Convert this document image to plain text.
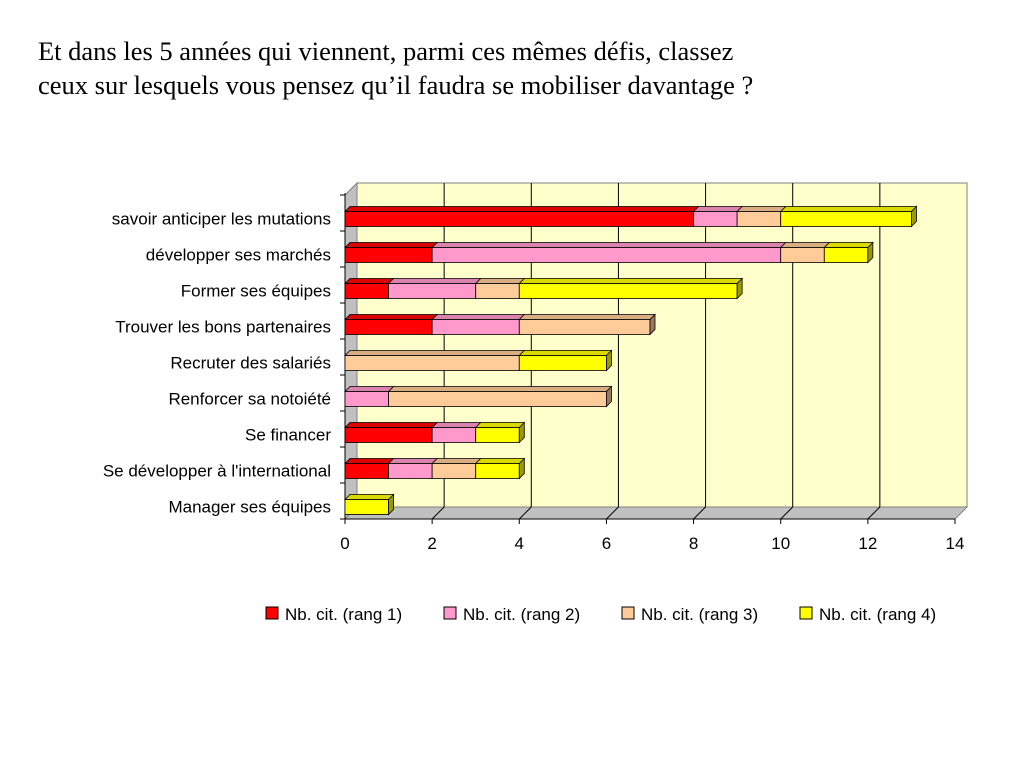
Et dans les 5 années qui viennent, parmi ces mêmes défis, classez
ceux sur lesquels vous pensez qu’il faudra se mobiliser davantage ?
0	2	4	6	8	10	12	14
savoir anticiper les mutations
développer ses marchés
Former ses équipes
Trouver les bons partenaires
Recruter des salariés
Renforcer sa notoiété
Se financer
Se développer à l'international
Manager ses équipes
Nb. cit. (rang 1)	Nb. cit. (rang 2)	Nb. cit. (rang 3)	Nb. cit. (rang 4)
